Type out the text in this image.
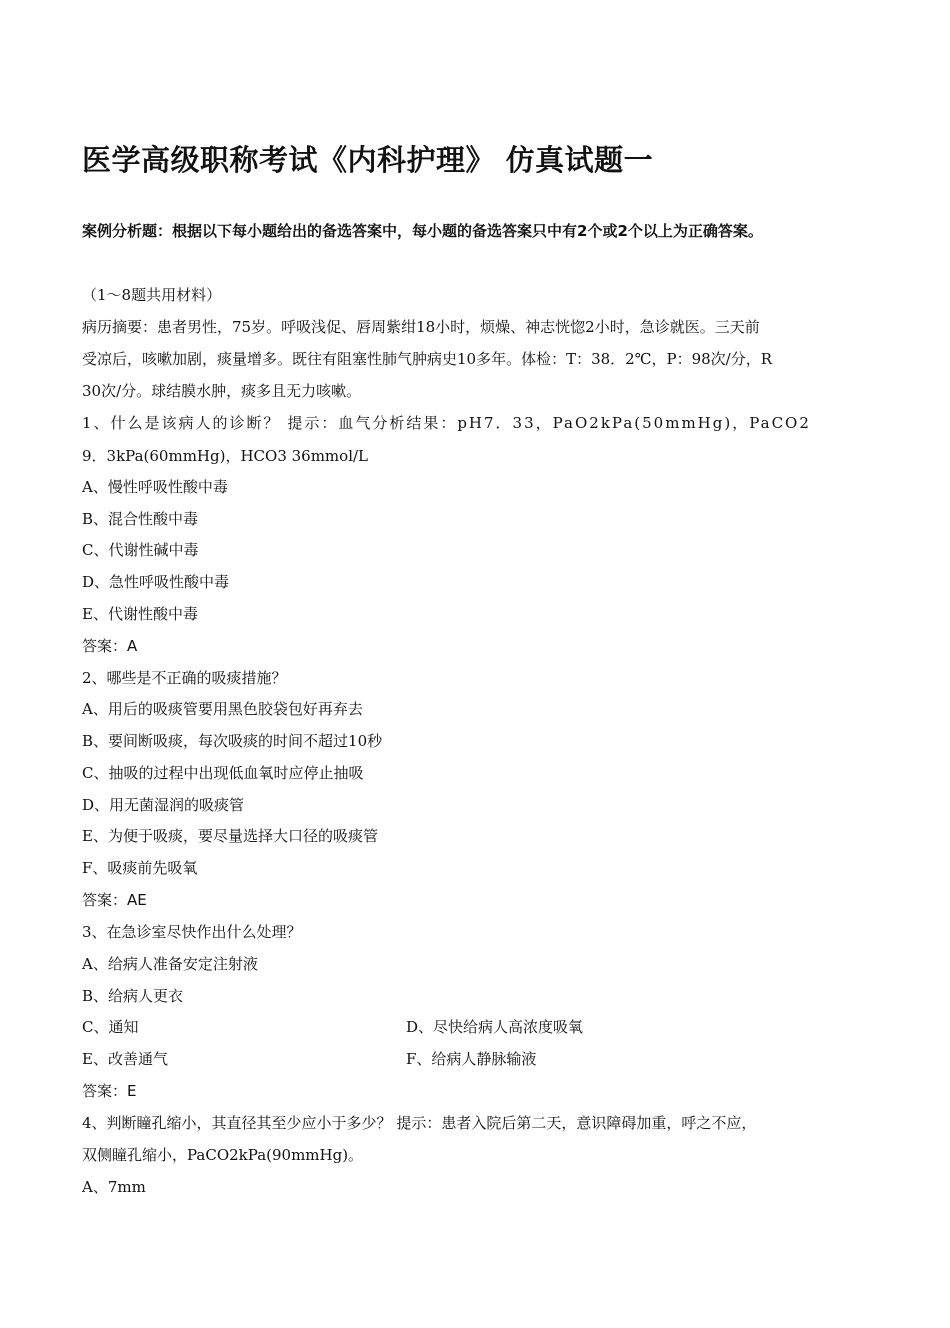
医学高级职称考试《内科护理》 仿真试题一
案例分析题：根据以下每小题给出的备选答案中，每小题的备选答案只中有2个或2个以上为正确答案。
（1～8题共用材料）
病历摘要：患者男性，75岁。呼吸浅促、唇周紫绀18小时，烦燥、神志恍惚2小时，急诊就医。三天前
受凉后，咳嗽加剧，痰量增多。既往有阻塞性肺气肿病史10多年。体检：T：38．2℃，P：98次/分，R
30次/分。球结膜水肿，痰多且无力咳嗽。
1、什么是该病人的诊断？ 提示：血气分析结果：pH7．33，PaO2kPa(50mmHg)，PaCO2
9．3kPa(60mmHg)，HCO3 36mmol/L
A、慢性呼吸性酸中毒
B、混合性酸中毒
C、代谢性碱中毒
D、急性呼吸性酸中毒
E、代谢性酸中毒
答案：A
2、哪些是不正确的吸痰措施？
A、用后的吸痰管要用黑色胶袋包好再弃去
B、要间断吸痰，每次吸痰的时间不超过10秒
C、抽吸的过程中出现低血氧时应停止抽吸
D、用无菌湿润的吸痰管
E、为便于吸痰，要尽量选择大口径的吸痰管
F、吸痰前先吸氧
答案：AE
3、在急诊室尽快作出什么处理？
A、给病人准备安定注射液
B、给病人更衣
C、通知	D、尽快给病人高浓度吸氧
E、改善通气	F、给病人静脉输液
答案：E
4、判断瞳孔缩小，其直径其至少应小于多少？ 提示：患者入院后第二天，意识障碍加重，呼之不应，
双侧瞳孔缩小，PaCO2kPa(90mmHg)。
A、7mm
